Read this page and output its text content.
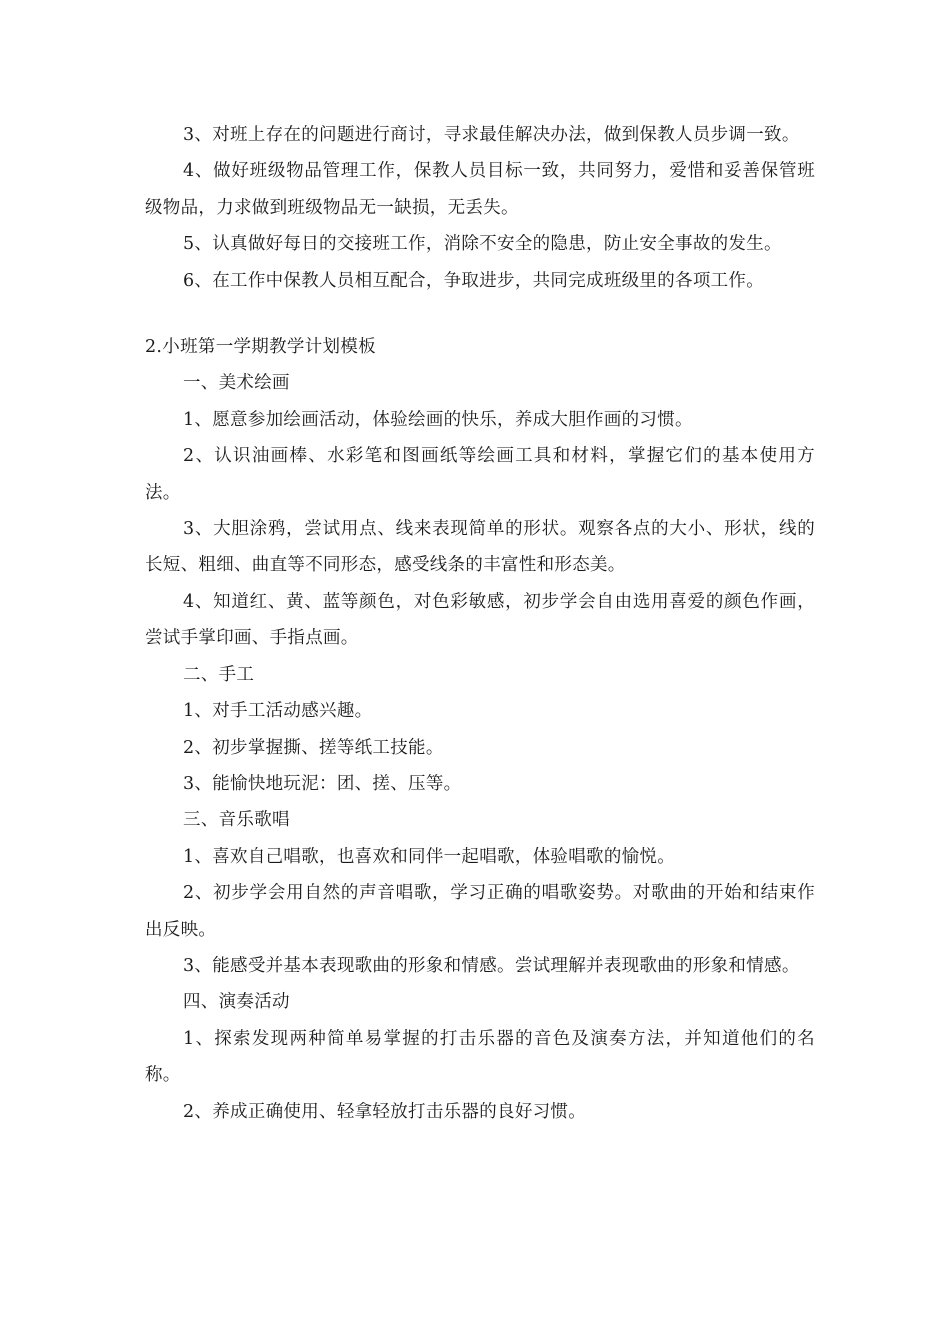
3、对班上存在的问题进行商讨，寻求最佳解决办法，做到保教人员步调一致。

4、做好班级物品管理工作，保教人员目标一致，共同努力，爱惜和妥善保管班级物品，力求做到班级物品无一缺损，无丢失。

5、认真做好每日的交接班工作，消除不安全的隐患，防止安全事故的发生。

6、在工作中保教人员相互配合，争取进步，共同完成班级里的各项工作。

2.小班第一学期教学计划模板

一、美术绘画

1、愿意参加绘画活动，体验绘画的快乐，养成大胆作画的习惯。

2、认识油画棒、水彩笔和图画纸等绘画工具和材料，掌握它们的基本使用方法。

3、大胆涂鸦，尝试用点、线来表现简单的形状。观察各点的大小、形状，线的长短、粗细、曲直等不同形态，感受线条的丰富性和形态美。

4、知道红、黄、蓝等颜色，对色彩敏感，初步学会自由选用喜爱的颜色作画，尝试手掌印画、手指点画。

二、手工

1、对手工活动感兴趣。

2、初步掌握撕、搓等纸工技能。

3、能愉快地玩泥：团、搓、压等。

三、音乐歌唱

1、喜欢自己唱歌，也喜欢和同伴一起唱歌，体验唱歌的愉悦。

2、初步学会用自然的声音唱歌，学习正确的唱歌姿势。对歌曲的开始和结束作出反映。

3、能感受并基本表现歌曲的形象和情感。尝试理解并表现歌曲的形象和情感。

四、演奏活动

1、探索发现两种简单易掌握的打击乐器的音色及演奏方法，并知道他们的名称。

2、养成正确使用、轻拿轻放打击乐器的良好习惯。
